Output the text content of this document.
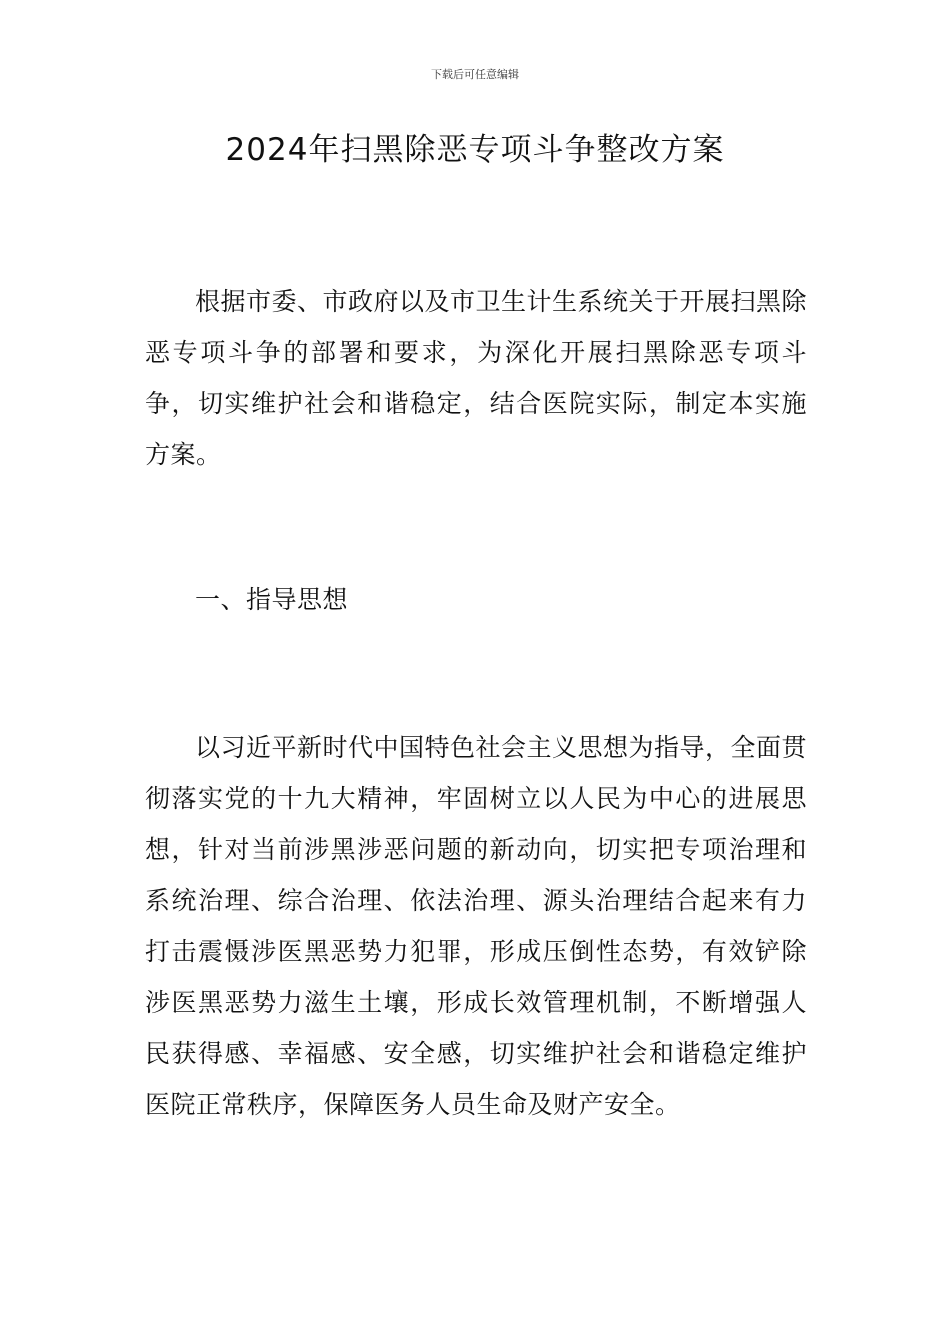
下载后可任意编辑
2024年扫黑除恶专项斗争整改方案

根据市委、市政府以及市卫生计生系统关于开展扫黑除恶专项斗争的部署和要求，为深化开展扫黑除恶专项斗争，切实维护社会和谐稳定，结合医院实际，制定本实施方案。

一、指导思想

以习近平新时代中国特色社会主义思想为指导，全面贯彻落实党的十九大精神，牢固树立以人民为中心的进展思想，针对当前涉黑涉恶问题的新动向，切实把专项治理和系统治理、综合治理、依法治理、源头治理结合起来有力打击震慑涉医黑恶势力犯罪，形成压倒性态势，有效铲除涉医黑恶势力滋生土壤，形成长效管理机制，不断增强人民获得感、幸福感、安全感，切实维护社会和谐稳定维护医院正常秩序，保障医务人员生命及财产安全。
